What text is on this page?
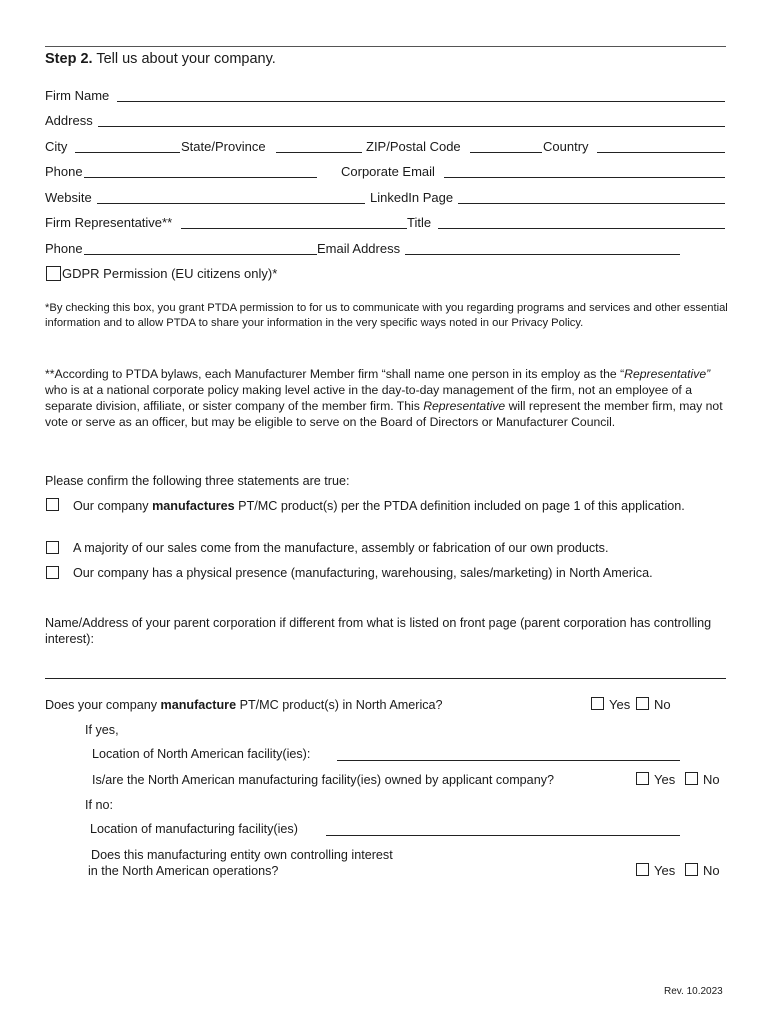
Step 2. Tell us about your company.
Firm Name
Address
City	State/Province	ZIP/Postal Code	Country
Phone	Corporate Email
Website	LinkedIn Page
Firm Representative**	Title
Phone	Email Address
GDPR Permission (EU citizens only)*
*By checking this box, you grant PTDA permission to for us to communicate with you regarding programs and services and other essential information and to allow PTDA to share your information in the very specific ways noted in our Privacy Policy.
**According to PTDA bylaws, each Manufacturer Member firm “shall name one person in its employ as the “Representative” who is at a national corporate policy making level active in the day-to-day management of the firm, not an employee of a separate division, affiliate, or sister company of the member firm. This Representative will represent the member firm, may not vote or serve as an officer, but may be eligible to serve on the Board of Directors or Manufacturer Council.
Please confirm the following three statements are true:
Our company manufactures PT/MC product(s) per the PTDA definition included on page 1 of this application.
A majority of our sales come from the manufacture, assembly or fabrication of our own products.
Our company has a physical presence (manufacturing, warehousing, sales/marketing) in North America.
Name/Address of your parent corporation if different from what is listed on front page (parent corporation has controlling interest):
Does your company manufacture PT/MC product(s) in North America?	Yes No
If yes,
Location of North American facility(ies):
Is/are the North American manufacturing facility(ies) owned by applicant company?	Yes No
If no:
Location of manufacturing facility(ies)
Does this manufacturing entity own controlling interest
in the North American operations?	Yes No
Rev. 10.2023
